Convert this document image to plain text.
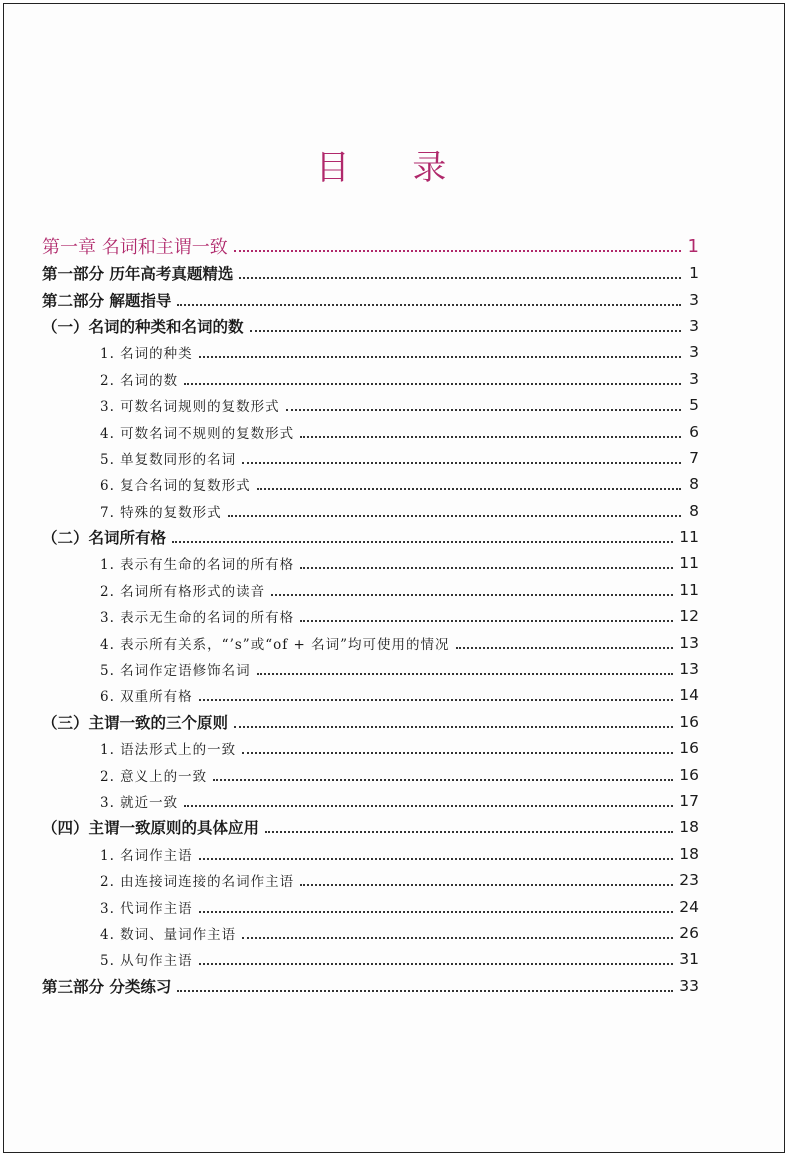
目 录
第一章 名词和主谓一致	1
第一部分 历年高考真题精选	1
第二部分 解题指导	3
（一）名词的种类和名词的数	3
1. 名词的种类	3
2. 名词的数	3
3. 可数名词规则的复数形式	5
4. 可数名词不规则的复数形式	6
5. 单复数同形的名词	7
6. 复合名词的复数形式	8
7. 特殊的复数形式	8
（二）名词所有格	11
1. 表示有生命的名词的所有格	11
2. 名词所有格形式的读音	11
3. 表示无生命的名词的所有格	12
4. 表示所有关系，“’s”或“of + 名词”均可使用的情况	13
5. 名词作定语修饰名词	13
6. 双重所有格	14
（三）主谓一致的三个原则	16
1. 语法形式上的一致	16
2. 意义上的一致	16
3. 就近一致	17
（四）主谓一致原则的具体应用	18
1. 名词作主语	18
2. 由连接词连接的名词作主语	23
3. 代词作主语	24
4. 数词、量词作主语	26
5. 从句作主语	31
第三部分 分类练习	33
